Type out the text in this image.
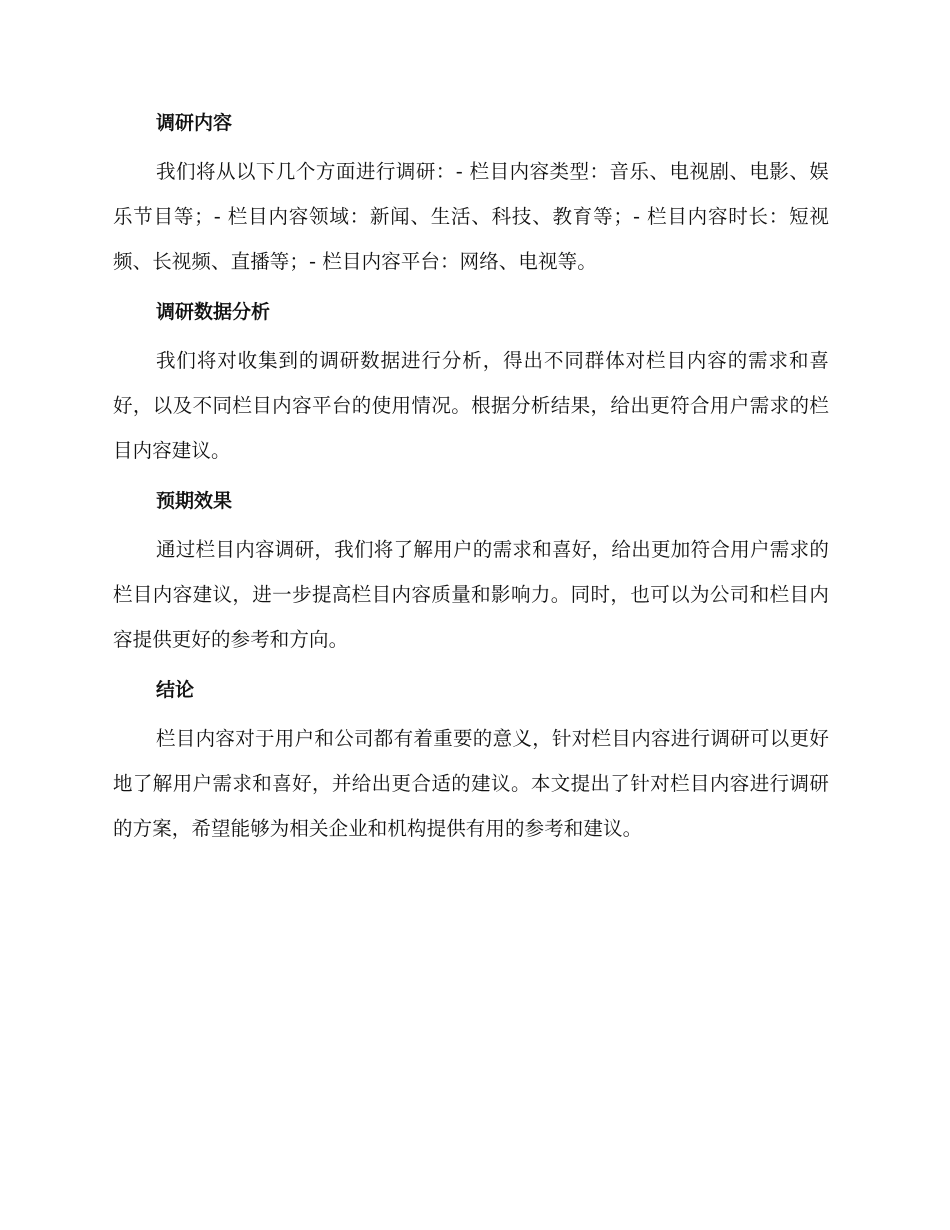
调研内容

我们将从以下几个方面进行调研：- 栏目内容类型：音乐、电视剧、电影、娱乐节目等；- 栏目内容领域：新闻、生活、科技、教育等；- 栏目内容时长：短视频、长视频、直播等；- 栏目内容平台：网络、电视等。

调研数据分析

我们将对收集到的调研数据进行分析，得出不同群体对栏目内容的需求和喜好，以及不同栏目内容平台的使用情况。根据分析结果，给出更符合用户需求的栏目内容建议。

预期效果

通过栏目内容调研，我们将了解用户的需求和喜好，给出更加符合用户需求的栏目内容建议，进一步提高栏目内容质量和影响力。同时，也可以为公司和栏目内容提供更好的参考和方向。

结论

栏目内容对于用户和公司都有着重要的意义，针对栏目内容进行调研可以更好地了解用户需求和喜好，并给出更合适的建议。本文提出了针对栏目内容进行调研的方案，希望能够为相关企业和机构提供有用的参考和建议。
